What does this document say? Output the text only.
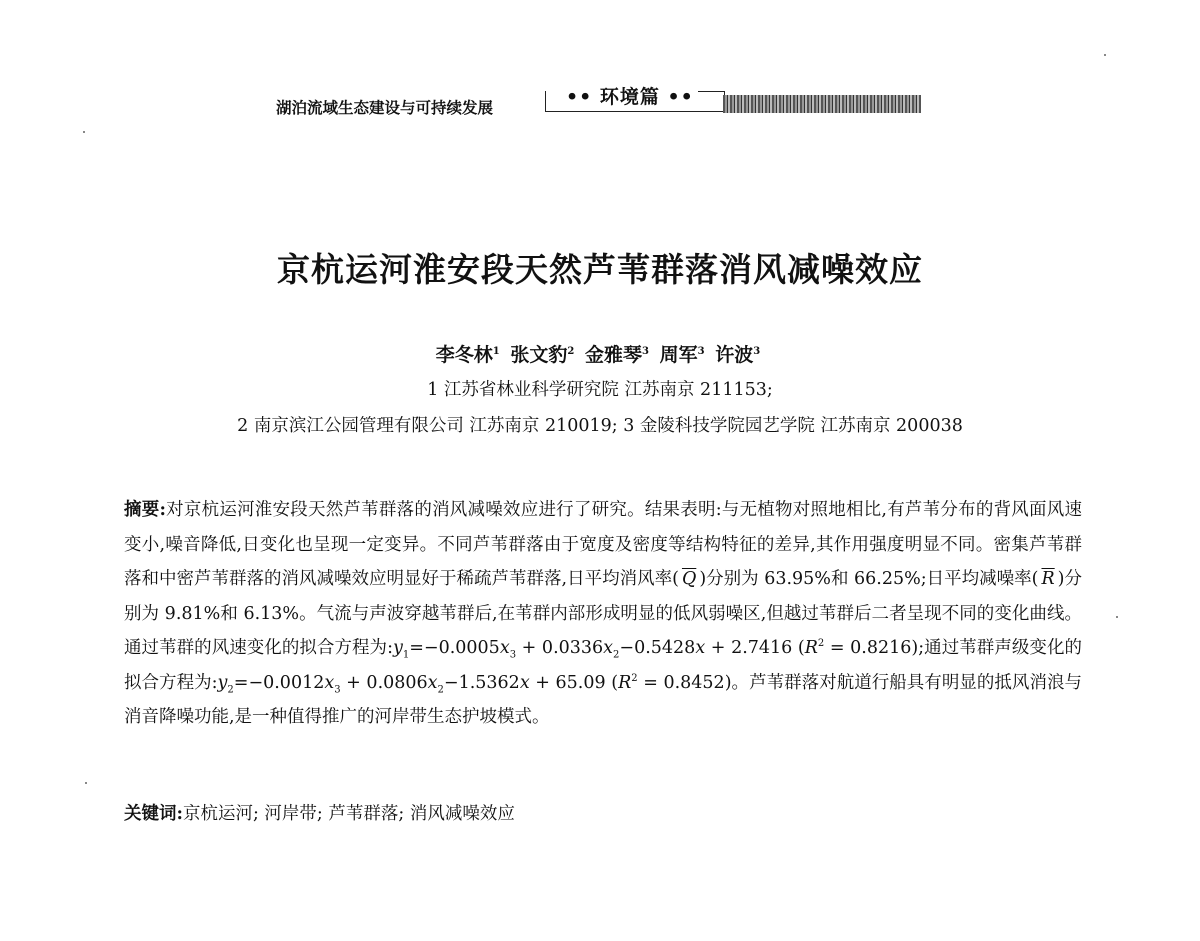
湖泊流域生态建设与可持续发展	•• 环境篇 ••
京杭运河淮安段天然芦苇群落消风减噪效应
李冬林$^1$ 张文豹$^2$ 金雅琴$^3$ 周军$^3$ 许波$^3$
1 江苏省林业科学研究院 江苏南京 211153;
2 南京滨江公园管理有限公司 江苏南京 210019; 3 金陵科技学院园艺学院 江苏南京 200038
摘要:对京杭运河淮安段天然芦苇群落的消风减噪效应进行了研究。结果表明:与无植物对照地相比,有芦苇分布的背风面风速变小,噪音降低,日变化也呈现一定变异。不同芦苇群落由于宽度及密度等结构特征的差异,其作用强度明显不同。密集芦苇群落和中密芦苇群落的消风减噪效应明显好于稀疏芦苇群落,日平均消风率( $\overline{Q}$ )分别为 63.95%和 66.25%;日平均减噪率( $\overline{R}$ )分别为 9.81%和 6.13%。气流与声波穿越苇群后,在苇群内部形成明显的低风弱噪区,但越过苇群后二者呈现不同的变化曲线。通过苇群的风速变化的拟合方程为$:y_1=-0.0005x_3 + 0.0336x_2-0.5428x + 2.7416$ $(R^2 = 0.8216)$;通过苇群声级变化的拟合方程为$:y_2=-0.0012x_3 + 0.0806x_2-1.5362x + 65.09$ $(R^2 = 0.8452)$。芦苇群落对航道行船具有明显的抵风消浪与消音降噪功能,是一种值得推广的河岸带生态护坡模式。
关键词:京杭运河; 河岸带; 芦苇群落; 消风减噪效应
